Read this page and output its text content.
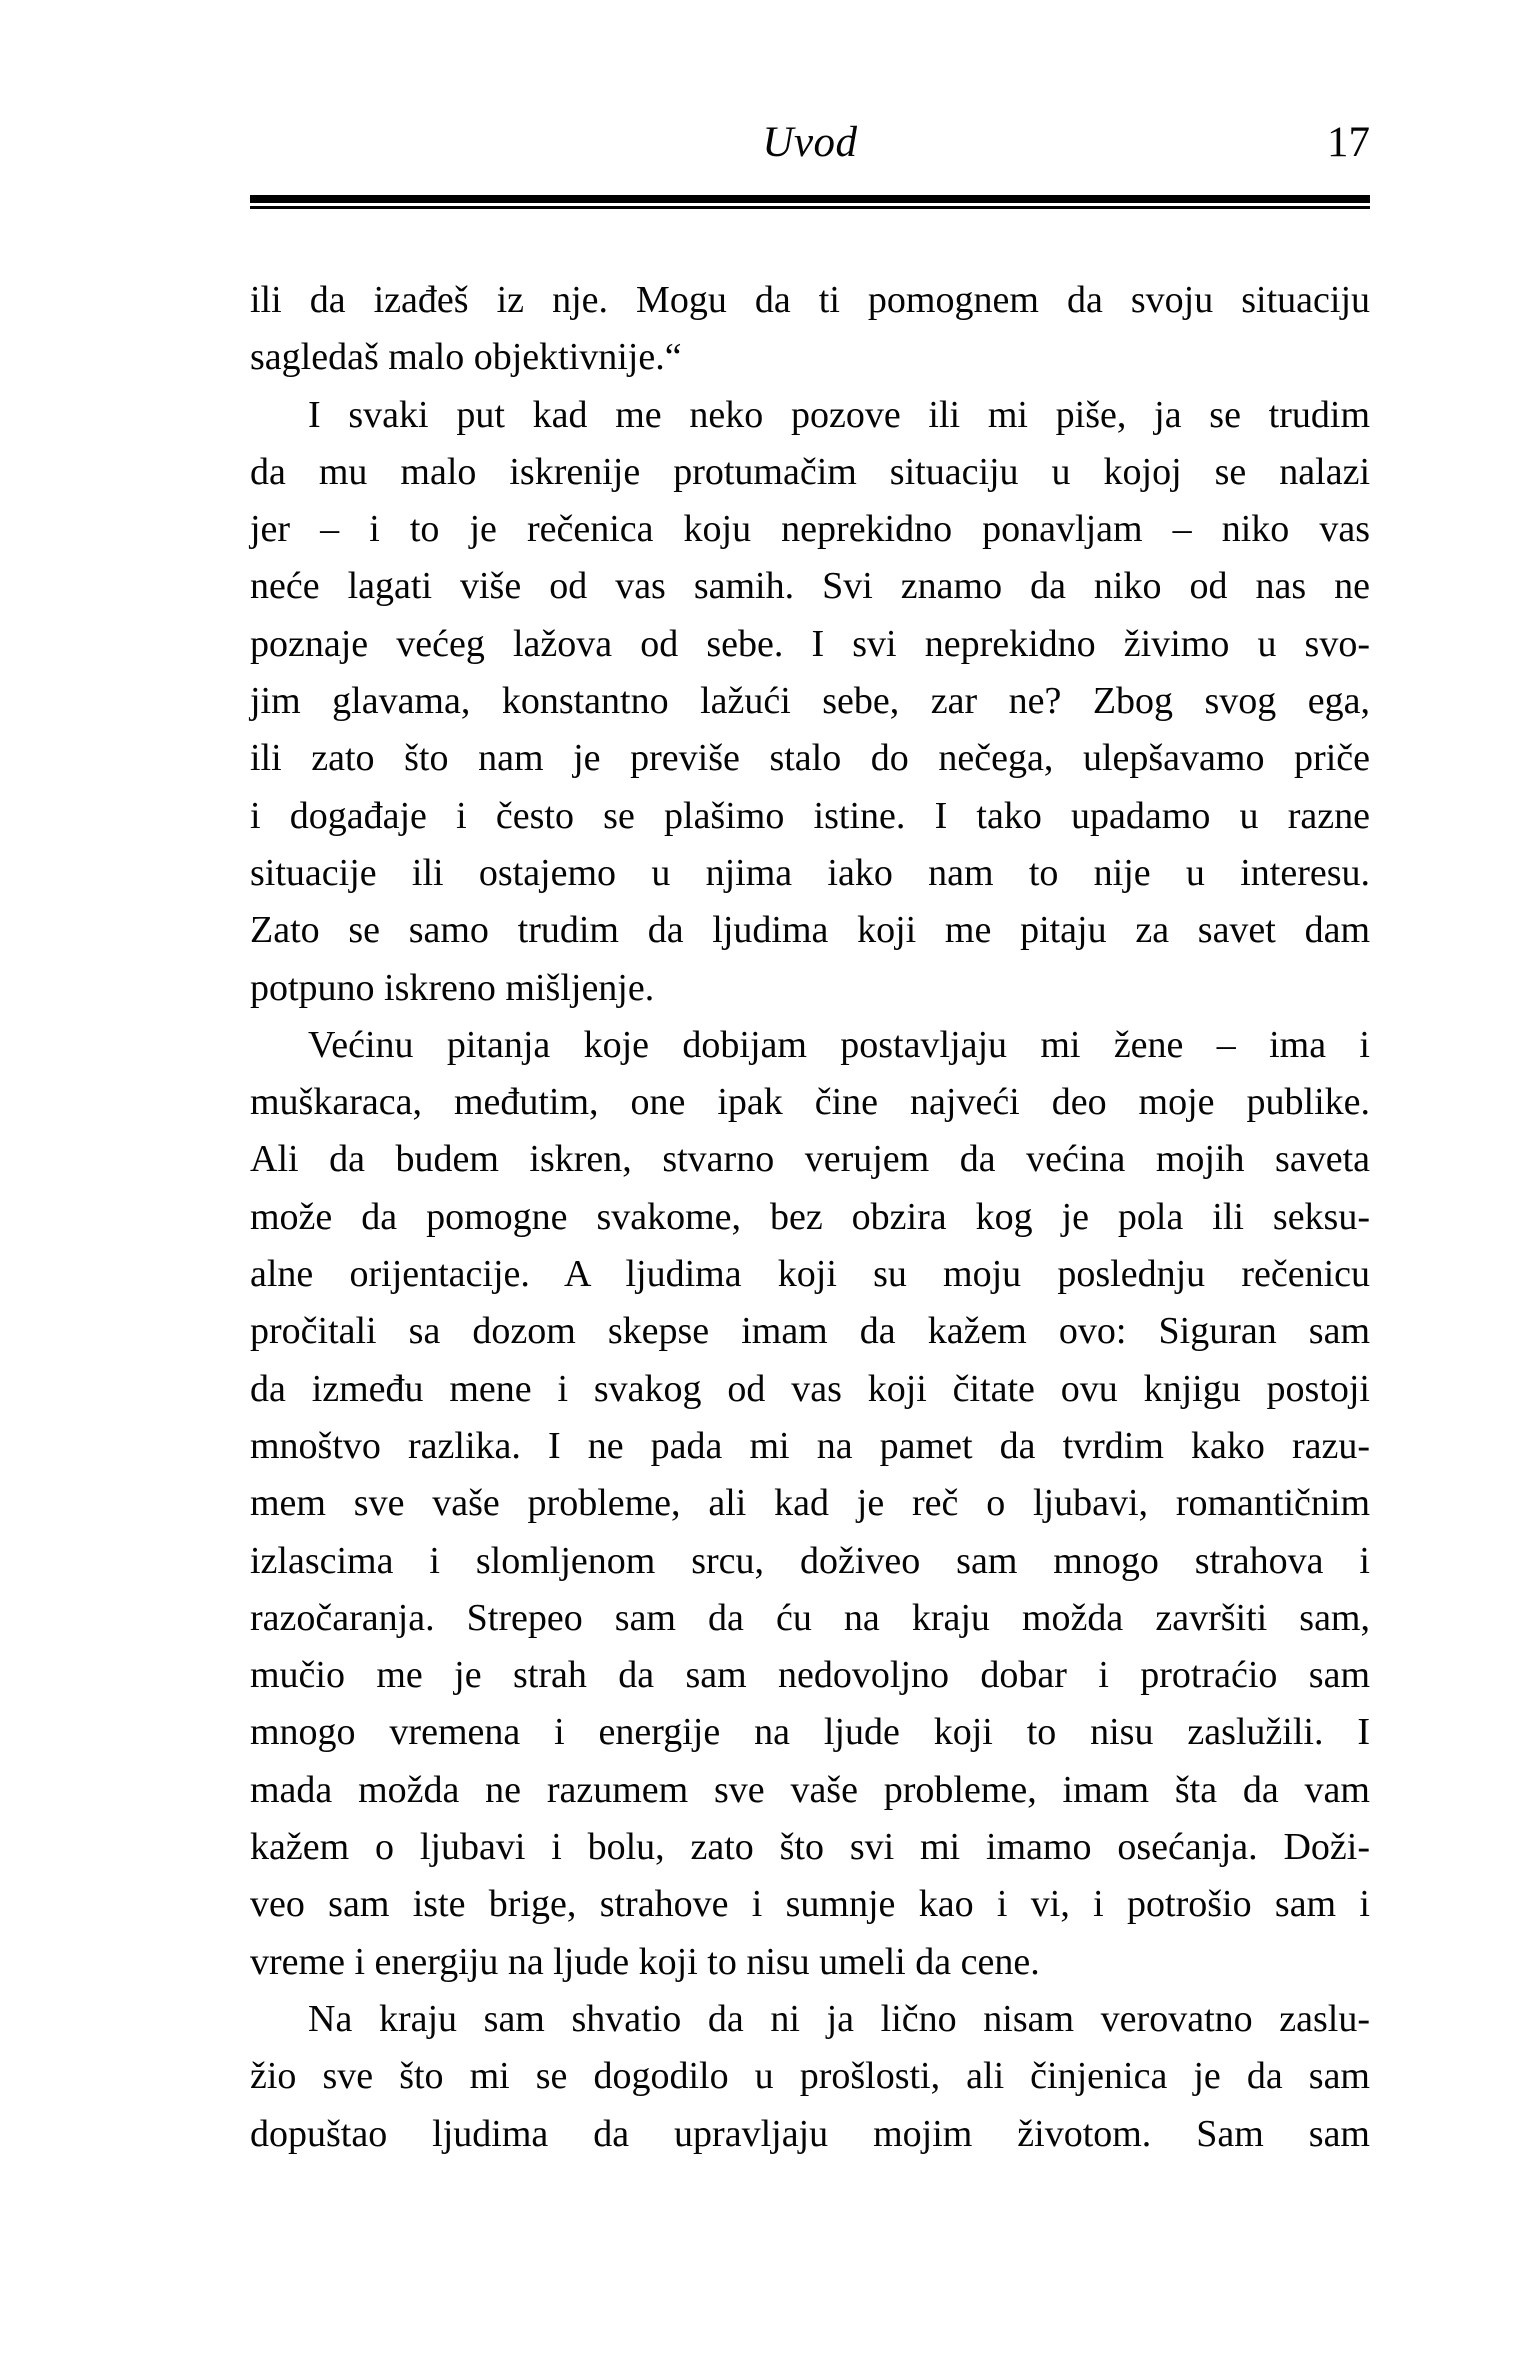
Uvod	17
ili da izađeš iz nje. Mogu da ti pomognem da svoju situaciju
sagledaš malo objektivnije.“
I svaki put kad me neko pozove ili mi piše, ja se trudim
da mu malo iskrenije protumačim situaciju u kojoj se nalazi
jer – i to je rečenica koju neprekidno ponavljam – niko vas
neće lagati više od vas samih. Svi znamo da niko od nas ne
poznaje većeg lažova od sebe. I svi neprekidno živimo u svo-
jim glavama, konstantno lažući sebe, zar ne? Zbog svog ega,
ili zato što nam je previše stalo do nečega, ulepšavamo priče
i događaje i često se plašimo istine. I tako upadamo u razne
situacije ili ostajemo u njima iako nam to nije u interesu.
Zato se samo trudim da ljudima koji me pitaju za savet dam
potpuno iskreno mišljenje.
Većinu pitanja koje dobijam postavljaju mi žene – ima i
muškaraca, međutim, one ipak čine najveći deo moje publike.
Ali da budem iskren, stvarno verujem da većina mojih saveta
može da pomogne svakome, bez obzira kog je pola ili seksu-
alne orijentacije. A ljudima koji su moju poslednju rečenicu
pročitali sa dozom skepse imam da kažem ovo: Siguran sam
da između mene i svakog od vas koji čitate ovu knjigu postoji
mnoštvo razlika. I ne pada mi na pamet da tvrdim kako razu-
mem sve vaše probleme, ali kad je reč o ljubavi, romantičnim
izlascima i slomljenom srcu, doživeo sam mnogo strahova i
razočaranja. Strepeo sam da ću na kraju možda završiti sam,
mučio me je strah da sam nedovoljno dobar i protraćio sam
mnogo vremena i energije na ljude koji to nisu zaslužili. I
mada možda ne razumem sve vaše probleme, imam šta da vam
kažem o ljubavi i bolu, zato što svi mi imamo osećanja. Doži-
veo sam iste brige, strahove i sumnje kao i vi, i potrošio sam i
vreme i energiju na ljude koji to nisu umeli da cene.
Na kraju sam shvatio da ni ja lično nisam verovatno zaslu-
žio sve što mi se dogodilo u prošlosti, ali činjenica je da sam
dopuštao ljudima da upravljaju mojim životom. Sam sam
